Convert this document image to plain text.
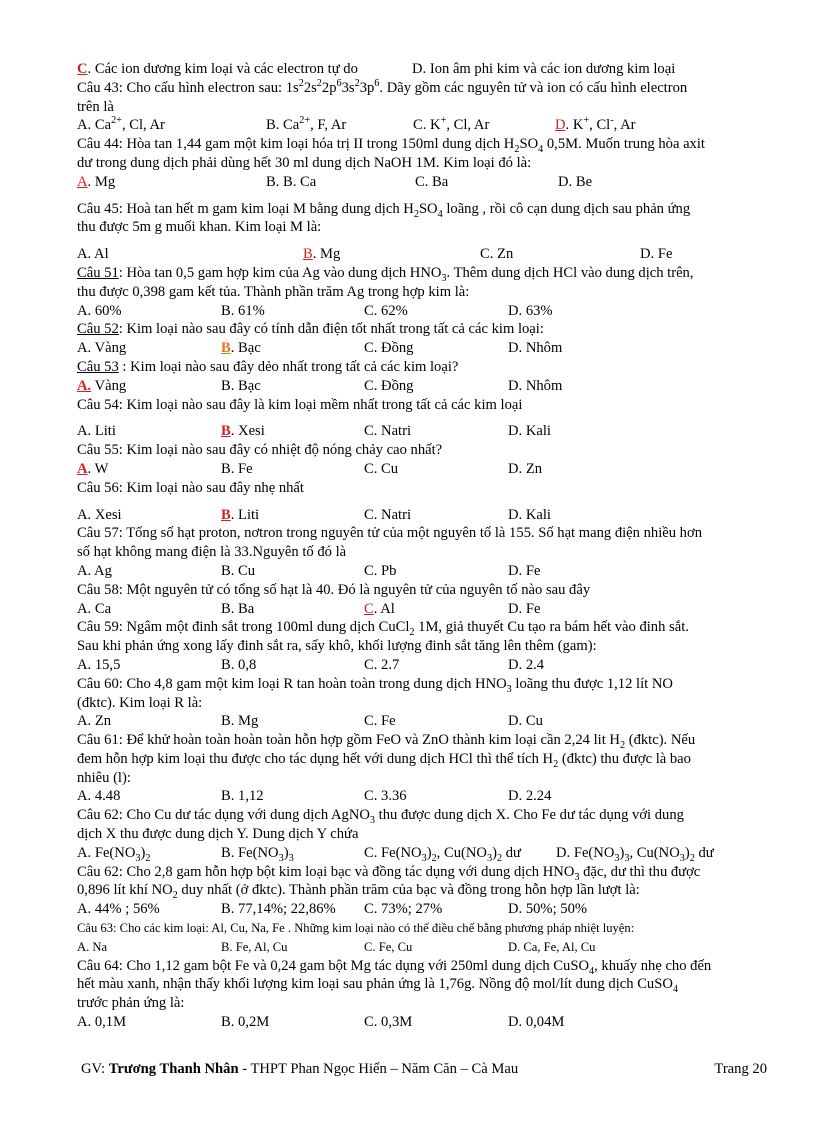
C. Các ion dương kim loại và các electron tự do	D. Ion âm phi kim và các ion dương kim loại
Câu 43: Cho cấu hình electron sau: $1s^22s^22p^63s^23p^6$. Dãy gồm các nguyên tử và ion có cấu hình electron
trên là
A. $Ca^{2+}$, Cl, Ar	B. $Ca^{2+}$, F, Ar	C. K+, Cl, Ar	D. K+, Cl-, Ar
Câu 44: Hòa tan 1,44 gam một kim loại hóa trị II trong 150ml dung dịch $H_2SO_4$ 0,5M. Muốn trung hòa axit
dư trong dung dịch phải dùng hết 30 ml dung dịch NaOH 1M. Kim loại đó là:
A. Mg	B. B. Ca	C. Ba	D. Be
Câu 45: Hoà tan hết m gam kim loại M bằng dung dịch $H_2SO_4$ loãng , rồi cô cạn dung dịch sau phản ứng
thu được 5m g muối khan. Kim loại M là:
A. Al	B. Mg	C. Zn	D. Fe
Câu 51: Hòa tan 0,5 gam hợp kim của Ag vào dung dịch $HNO_3$. Thêm dung dịch HCl vào dung dịch trên,
thu được 0,398 gam kết tủa. Thành phần trăm Ag trong hợp kim là:
A. 60%	B. 61%	C. 62%	D. 63%
Câu 52: Kim loại nào sau đây có tính dẫn điện tốt nhất trong tất cả các kim loại:
A. Vàng	B. Bạc	C. Đồng	D. Nhôm
Câu 53 : Kim loại nào sau đây dẻo nhất trong tất cả các kim loại?
A. Vàng	B. Bạc	C. Đồng	D. Nhôm
Câu 54: Kim loại nào sau đây là kim loại mềm nhất trong tất cả các kim loại
A. Liti	B. Xesi	C. Natri	D. Kali
Câu 55: Kim loại nào sau đây có nhiệt độ nóng chảy cao nhất?
A. W	B. Fe	C. Cu	D. Zn
Câu 56: Kim loại nào sau đây nhẹ nhất
A. Xesi	B. Liti	C. Natri	D. Kali
Câu 57: Tổng số hạt proton, nơtron trong nguyên tử của một nguyên tố là 155. Số hạt mang điện nhiều hơn
số hạt không mang điện là 33.Nguyên tố đó là
A. Ag	B. Cu	C. Pb	D. Fe
Câu 58: Một nguyên tử có tổng số hạt là 40. Đó là nguyên tử của nguyên tố nào sau đây
A. Ca	B. Ba	C. Al	D. Fe
Câu 59: Ngâm một đinh sắt trong 100ml dung dịch CuCl$_2$ 1M, giả thuyết Cu tạo ra bám hết vào đinh sắt.
Sau khi phản ứng xong lấy đinh sắt ra, sấy khô, khối lượng đinh sắt tăng lên thêm (gam):
A. 15,5	B. 0,8	C. 2.7	D. 2.4
Câu 60: Cho 4,8 gam một kim loại R tan hoàn toàn trong dung dịch $HNO_3$ loãng thu được 1,12 lít NO
(đktc). Kim loại R là:
A. Zn	B. Mg	C. Fe	D. Cu
Câu 61: Để khử hoàn toàn hoàn toàn hỗn hợp gồm FeO và ZnO thành kim loại cần 2,24 lit $H_2$ (đktc). Nếu
đem hỗn hợp kim loại thu được cho tác dụng hết với dung dịch HCl thì thể tích $H_2$ (đktc) thu được là bao
nhiêu (l):
A. 4.48	B. 1,12	C. 3.36	D. 2.24
Câu 62: Cho Cu dư tác dụng với dung dịch AgNO$_3$ thu được dung dịch X. Cho Fe dư tác dụng với dung
dịch X thu được dung dịch Y. Dung dịch Y chứa
A. $Fe(NO_3)_2$	B. $Fe(NO_3)_3$	C. $Fe(NO_3)_2$, $Cu(NO_3)_2$ dư D. $Fe(NO_3)_3$, $Cu(NO_3)_2$ dư
Câu 62: Cho 2,8 gam hỗn hợp bột kim loại bạc và đồng tác dụng với dung dịch $HNO_3$ đặc, dư thì thu được
0,896 lít khí $NO_2$ duy nhất (ở đktc). Thành phần trăm của bạc và đồng trong hỗn hợp lần lượt là:
A. 44% ; 56%	B. 77,14%; 22,86% C. 73%; 27%	D. 50%; 50%
Câu 63: Cho các kim loại: Al, Cu, Na, Fe . Những kim loại nào có thể điều chế bằng phương pháp nhiệt luyện:
A. Na	B. Fe, Al, Cu	C. Fe, Cu	D. Ca, Fe, Al, Cu
Câu 64: Cho 1,12 gam bột Fe và 0,24 gam bột Mg tác dụng với 250ml dung dịch CuSO$_4$, khuấy nhẹ cho đến
hết màu xanh, nhận thấy khối lượng kim loại sau phản ứng là 1,76g. Nồng độ mol/lít dung dịch CuSO$_4$
trước phản ứng là:
A. 0,1M	B. 0,2M	C. 0,3M	D. 0,04M
GV: Trương Thanh Nhân - THPT Phan Ngọc Hiển – Năm Căn – Cà Mau	Trang 20
